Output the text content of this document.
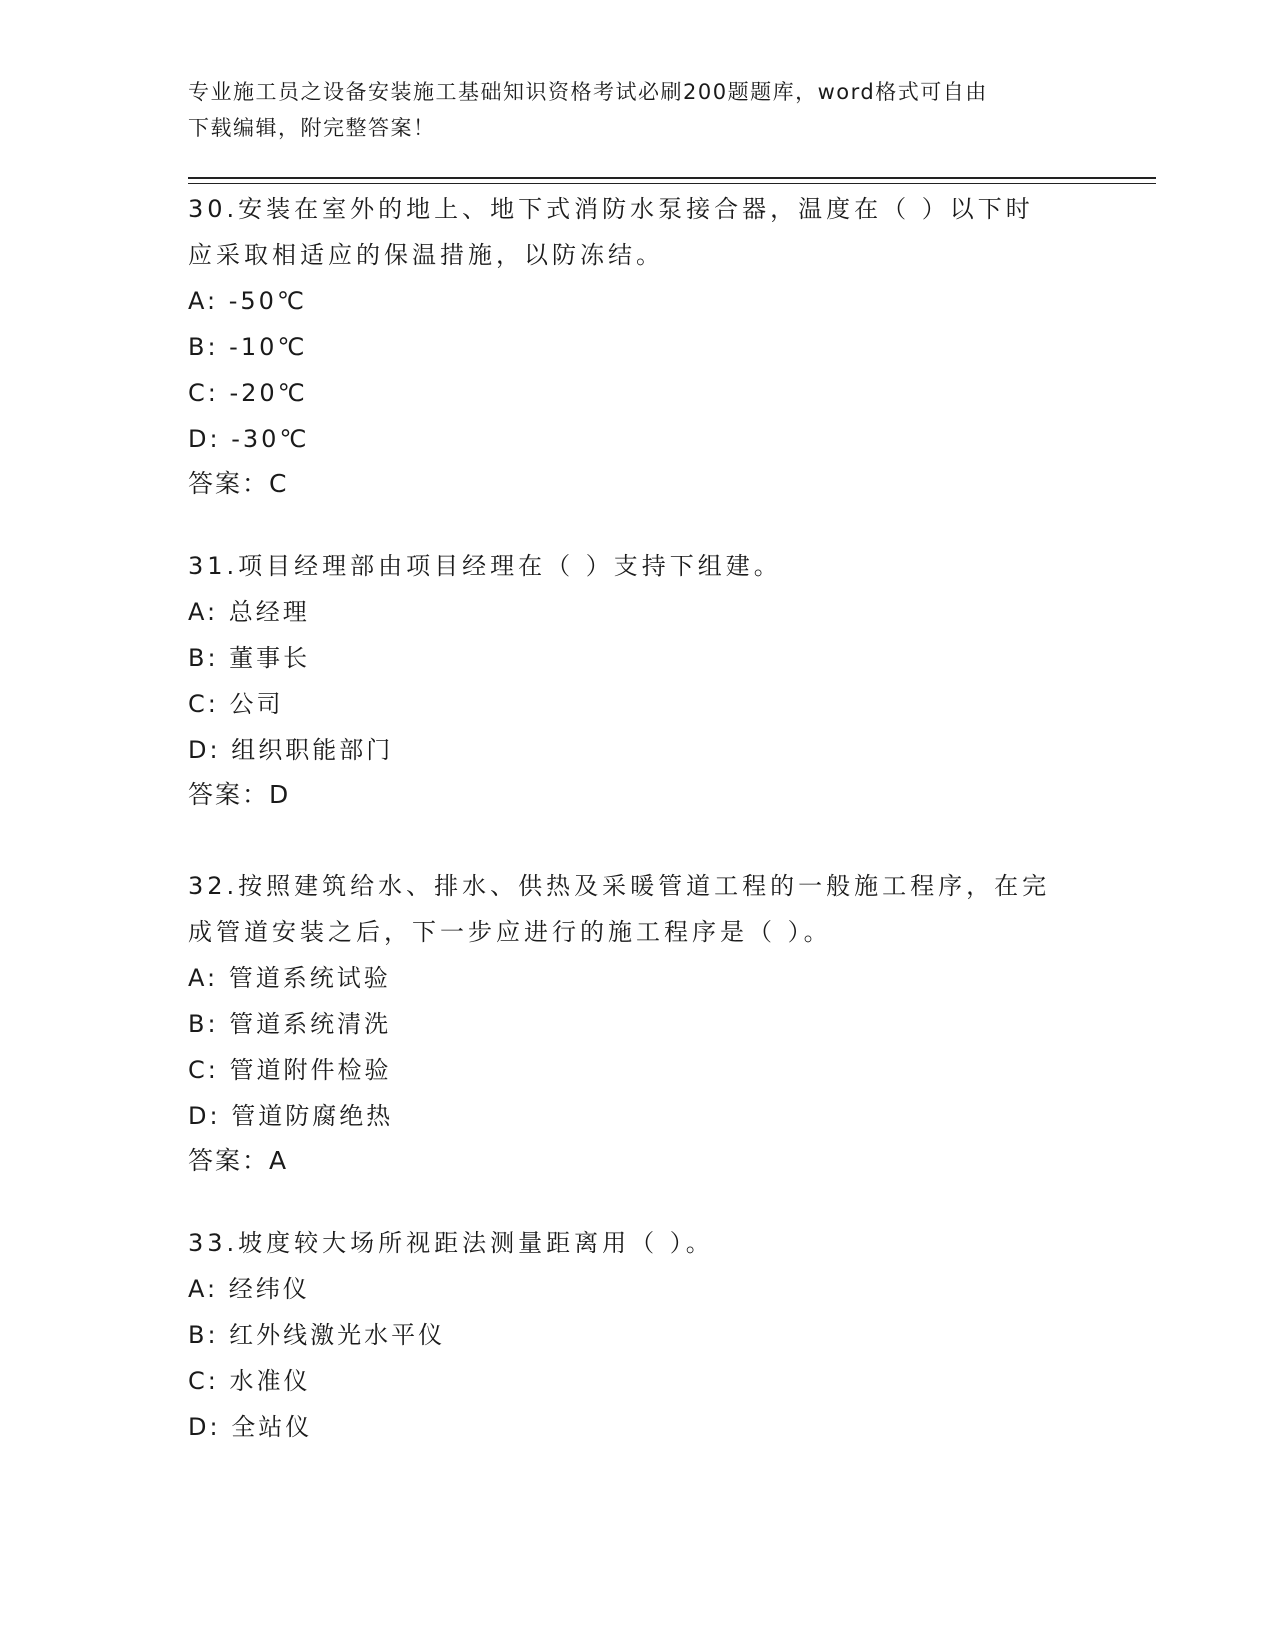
专业施工员之设备安装施工基础知识资格考试必刷200题题库，word格式可自由
下载编辑，附完整答案！
30.安装在室外的地上、地下式消防水泵接合器，温度在（ ）以下时
应采取相适应的保温措施，以防冻结。
A: -50℃
B: -10℃
C: -20℃
D: -30℃
答案：C
31.项目经理部由项目经理在（ ）支持下组建。
A: 总经理
B: 董事长
C: 公司
D: 组织职能部门
答案：D
32.按照建筑给水、排水、供热及采暖管道工程的一般施工程序，在完
成管道安装之后，下一步应进行的施工程序是（ ）。
A: 管道系统试验
B: 管道系统清洗
C: 管道附件检验
D: 管道防腐绝热
答案：A
33.坡度较大场所视距法测量距离用（ ）。
A: 经纬仪
B: 红外线激光水平仪
C: 水准仪
D: 全站仪
